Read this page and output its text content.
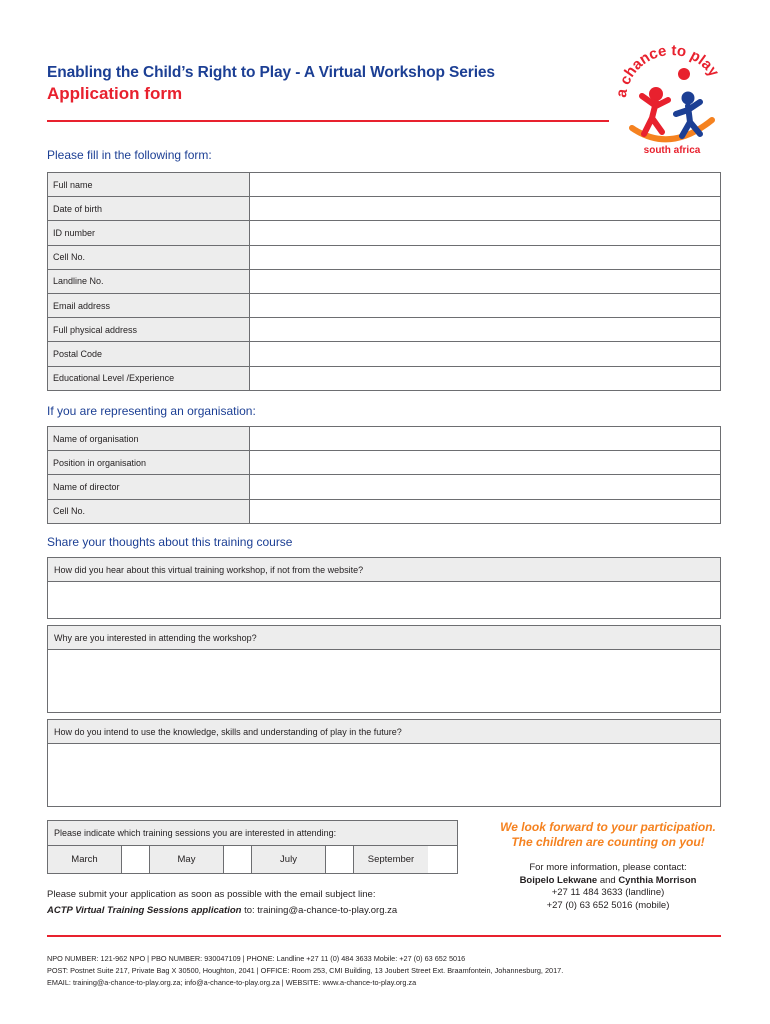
Enabling the Child’s Right to Play - A Virtual Workshop Series
Application form	a chance to play
south africa
Please fill in the following form:
Full name	
Date of birth	
ID number	
Cell No.	
Landline No.	
Email address	
Full physical address	
Postal Code	
Educational Level /Experience	
If you are representing an organisation:
Name of organisation	
Position in organisation	
Name of director	
Cell No.	
Share your thoughts about this training course
How did you hear about this virtual training workshop, if not from the website?
Why are you interested in attending the workshop?
How do you intend to use the knowledge, skills and understanding of play in the future?
Please indicate which training sessions you are interested in attending:
March	May	July	September
We look forward to your participation.
The children are counting on you!
For more information, please contact:
Boipelo Lekwane and Cynthia Morrison
+27 11 484 3633 (landline)
+27 (0) 63 652 5016 (mobile)
Please submit your application as soon as possible with the email subject line:
ACTP Virtual Training Sessions application to: training@a-chance-to-play.org.za
NPO NUMBER: 121-962 NPO | PBO NUMBER: 930047109 | PHONE: Landline +27 11 (0) 484 3633 Mobile: +27 (0) 63 652 5016
POST: Postnet Suite 217, Private Bag X 30500, Houghton, 2041 | OFFICE: Room 253, CMI Building, 13 Joubert Street Ext. Braamfontein, Johannesburg, 2017.
EMAIL: training@a-chance-to-play.org.za; info@a-chance-to-play.org.za | WEBSITE: www.a-chance-to-play.org.za
